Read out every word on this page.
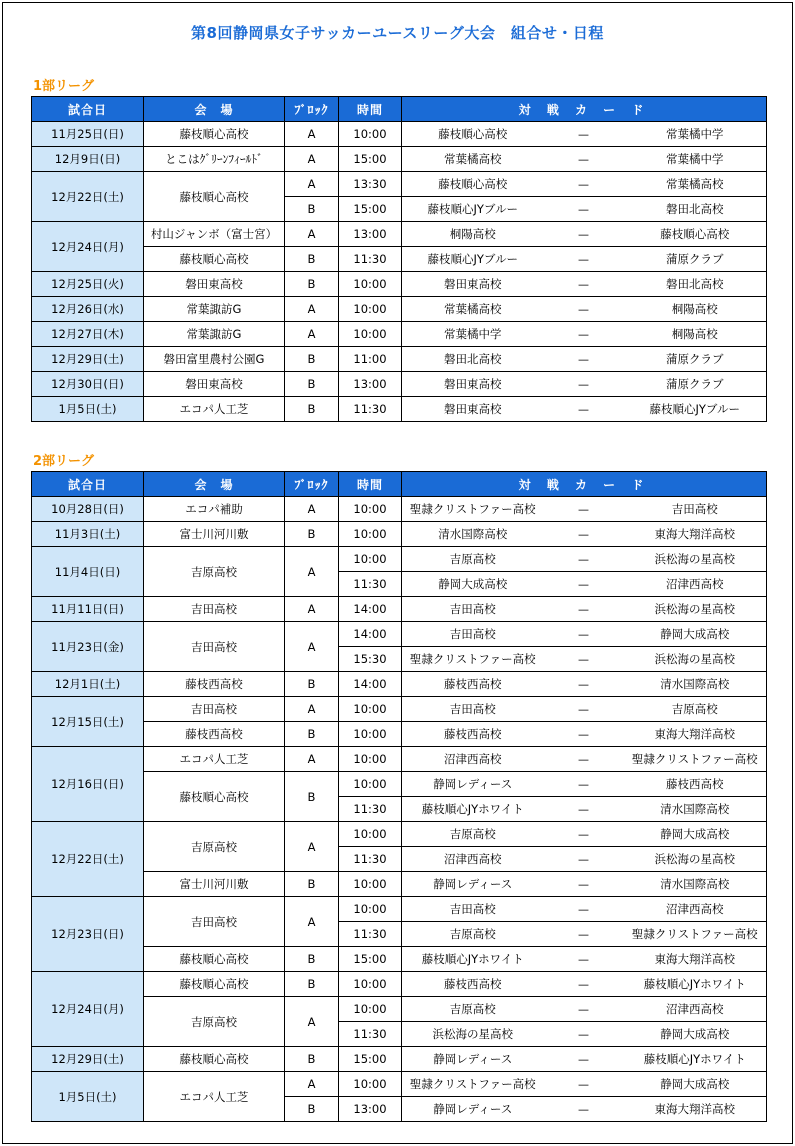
第8回静岡県女子サッカーユースリーグ大会　組合せ・日程
1部リーグ
試合日	会　場	ﾌﾞﾛｯｸ	時間	対 戦 カ ー ド		
11月25日(日)	藤枝順心高校	A	10:00	藤枝順心高校	—	常葉橘中学
12月9日(日)	とこはｸﾞﾘｰﾝﾌｨｰﾙﾄﾞ	A	15:00	常葉橘高校	—	常葉橘中学
12月22日(土)	藤枝順心高校	A	13:30	藤枝順心高校	—	常葉橘高校
		B	15:00	藤枝順心JYブルー	—	磐田北高校
12月24日(月)	村山ジャンボ（富士宮）	A	13:00	桐陽高校	—	藤枝順心高校
	藤枝順心高校	B	11:30	藤枝順心JYブルー	—	蒲原クラブ
12月25日(火)	磐田東高校	B	10:00	磐田東高校	—	磐田北高校
12月26日(水)	常葉諏訪G	A	10:00	常葉橘高校	—	桐陽高校
12月27日(木)	常葉諏訪G	A	10:00	常葉橘中学	—	桐陽高校
12月29日(土)	磐田富里農村公園G	B	11:00	磐田北高校	—	蒲原クラブ
12月30日(日)	磐田東高校	B	13:00	磐田東高校	—	蒲原クラブ
1月5日(土)	エコパ人工芝	B	11:30	磐田東高校	—	藤枝順心JYブルー
2部リーグ
試合日	会　場	ﾌﾞﾛｯｸ	時間	対 戦 カ ー ド		
10月28日(日)	エコパ補助	A	10:00	聖隷クリストファー高校	—	吉田高校
11月3日(土)	富士川河川敷	B	10:00	清水国際高校	—	東海大翔洋高校
11月4日(日)	吉原高校	A	10:00	吉原高校	—	浜松海の星高校
			11:30	静岡大成高校	—	沼津西高校
11月11日(日)	吉田高校	A	14:00	吉田高校	—	浜松海の星高校
11月23日(金)	吉田高校	A	14:00	吉田高校	—	静岡大成高校
			15:30	聖隷クリストファー高校	—	浜松海の星高校
12月1日(土)	藤枝西高校	B	14:00	藤枝西高校	—	清水国際高校
12月15日(土)	吉田高校	A	10:00	吉田高校	—	吉原高校
	藤枝西高校	B	10:00	藤枝西高校	—	東海大翔洋高校
12月16日(日)	エコパ人工芝	A	10:00	沼津西高校	—	聖隷クリストファー高校
	藤枝順心高校	B	10:00	静岡レディース	—	藤枝西高校
			11:30	藤枝順心JYホワイト	—	清水国際高校
12月22日(土)	吉原高校	A	10:00	吉原高校	—	静岡大成高校
			11:30	沼津西高校	—	浜松海の星高校
	富士川河川敷	B	10:00	静岡レディース	—	清水国際高校
12月23日(日)	吉田高校	A	10:00	吉田高校	—	沼津西高校
			11:30	吉原高校	—	聖隷クリストファー高校
	藤枝順心高校	B	15:00	藤枝順心JYホワイト	—	東海大翔洋高校
12月24日(月)	藤枝順心高校	B	10:00	藤枝西高校	—	藤枝順心JYホワイト
	吉原高校	A	10:00	吉原高校	—	沼津西高校
			11:30	浜松海の星高校	—	静岡大成高校
12月29日(土)	藤枝順心高校	B	15:00	静岡レディース	—	藤枝順心JYホワイト
1月5日(土)	エコパ人工芝	A	10:00	聖隷クリストファー高校	—	静岡大成高校
		B	13:00	静岡レディース	—	東海大翔洋高校
